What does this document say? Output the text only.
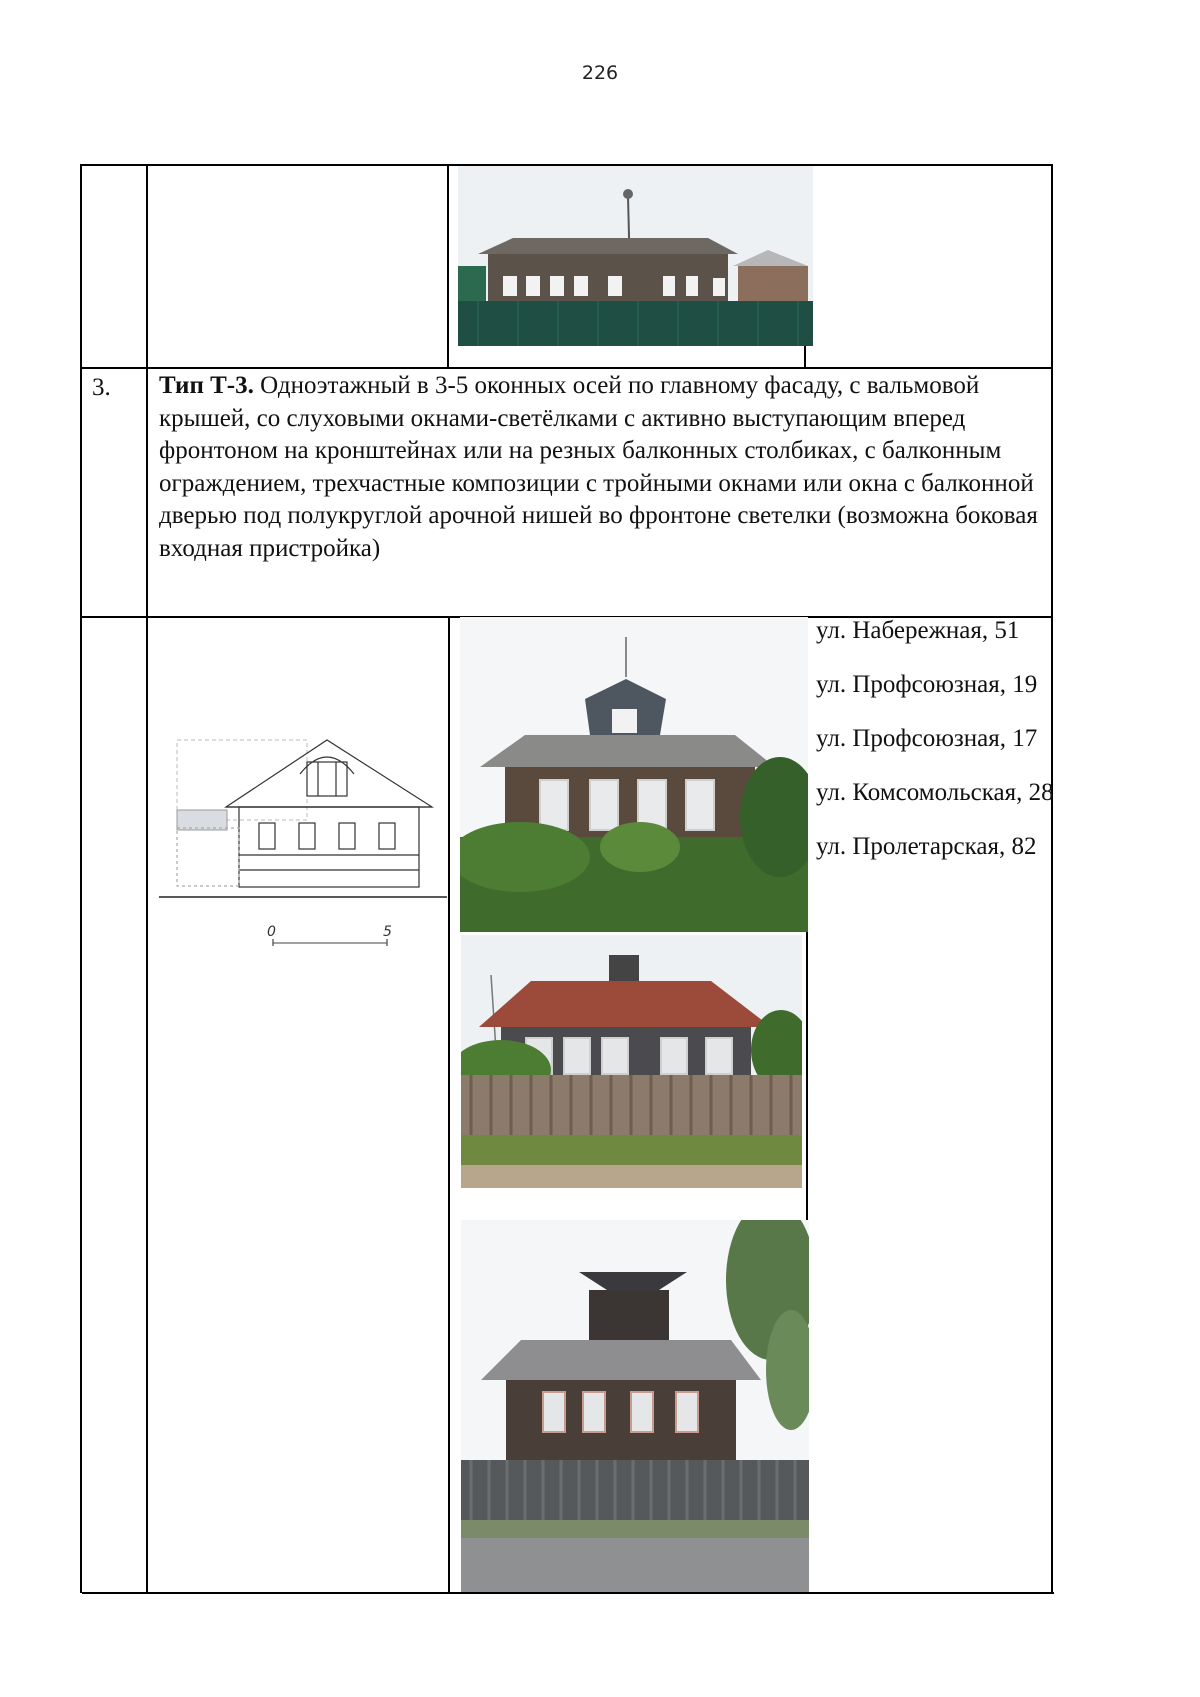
226
3. Тип Т-3. Одноэтажный в 3-5 оконных осей по главному фасаду, с вальмовой крышей, со слуховыми окнами-светёлками с активно выступающим вперед фронтоном на кронштейнах или на резных балконных столбиках, с балконным ограждением, трехчастные композиции с тройными окнами или окна с балконной дверью под полукруглой арочной нишей во фронтоне светелки (возможна боковая входная пристройка)
0	5
ул. Набережная, 51
ул. Профсоюзная, 19
ул. Профсоюзная, 17
ул. Комсомольская, 28
ул. Пролетарская, 82
